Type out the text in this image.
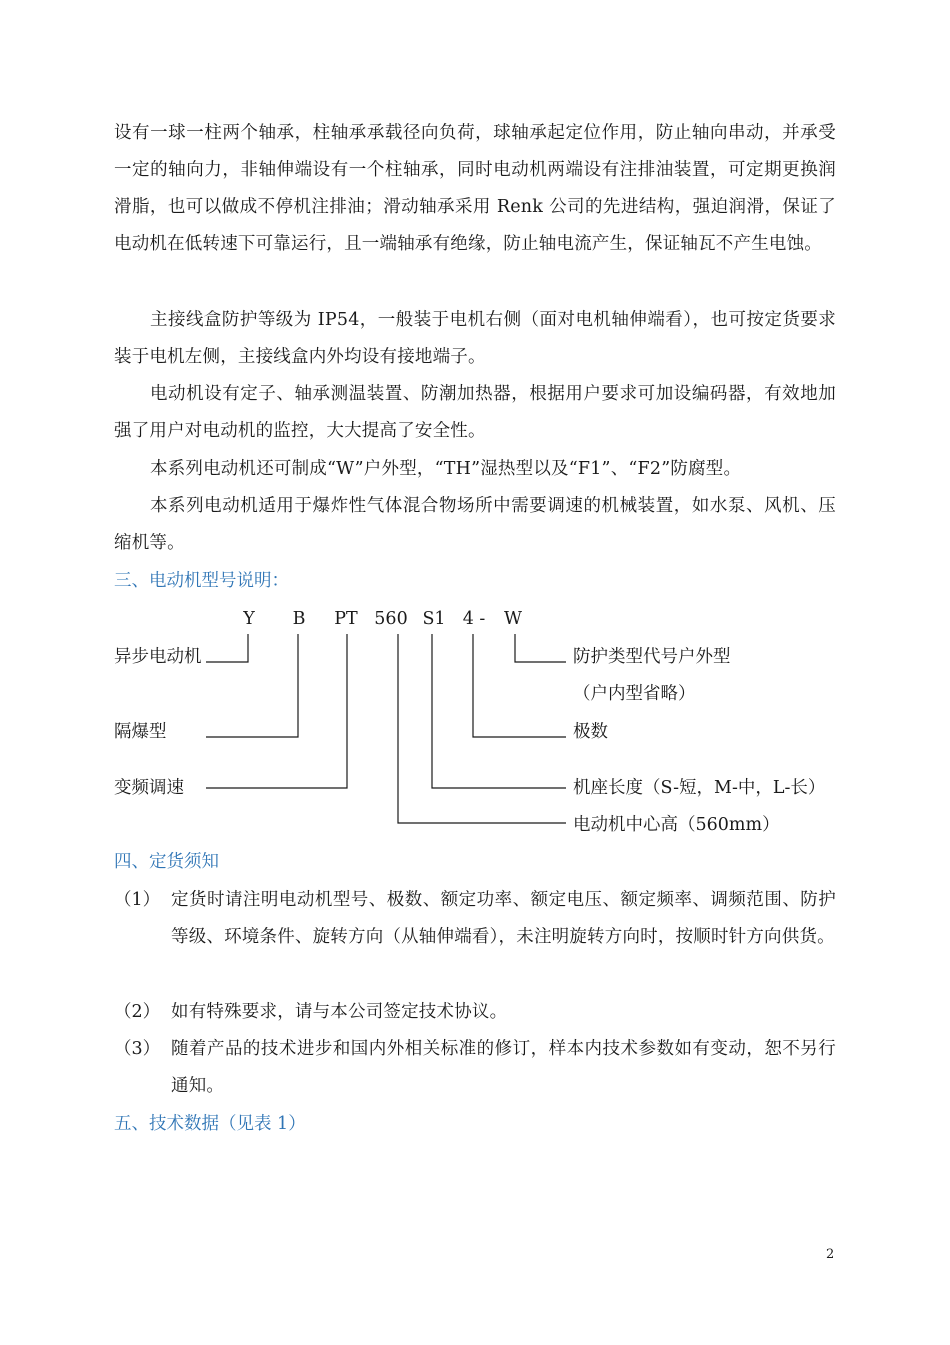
设有一球一柱两个轴承，柱轴承承载径向负荷，球轴承起定位作用，防止轴向串动，并承受一定的轴向力，非轴伸端设有一个柱轴承，同时电动机两端设有注排油装置，可定期更换润滑脂，也可以做成不停机注排油；滑动轴承采用 Renk 公司的先进结构，强迫润滑，保证了电动机在低转速下可靠运行，且一端轴承有绝缘，防止轴电流产生，保证轴瓦不产生电蚀。

主接线盒防护等级为 IP54，一般装于电机右侧（面对电机轴伸端看），也可按定货要求装于电机左侧，主接线盒内外均设有接地端子。

电动机设有定子、轴承测温装置、防潮加热器，根据用户要求可加设编码器，有效地加强了用户对电动机的监控，大大提高了安全性。

本系列电动机还可制成“W”户外型，“TH”湿热型以及“F1”、“F2”防腐型。

本系列电动机适用于爆炸性气体混合物场所中需要调速的机械装置，如水泵、风机、压缩机等。

三、电动机型号说明：

Y B PT 560 S1 4 - W
异步电动机
隔爆型
变频调速
防护类型代号户外型
（户内型省略）
极数
机座长度（S-短，M-中，L-长）
电动机中心高（560mm）

四、定货须知

（1） 定货时请注明电动机型号、极数、额定功率、额定电压、额定频率、调频范围、防护等级、环境条件、旋转方向（从轴伸端看），未注明旋转方向时，按顺时针方向供货。
（2） 如有特殊要求，请与本公司签定技术协议。
（3） 随着产品的技术进步和国内外相关标准的修订，样本内技术参数如有变动，恕不另行通知。

五、技术数据（见表 1）

2
